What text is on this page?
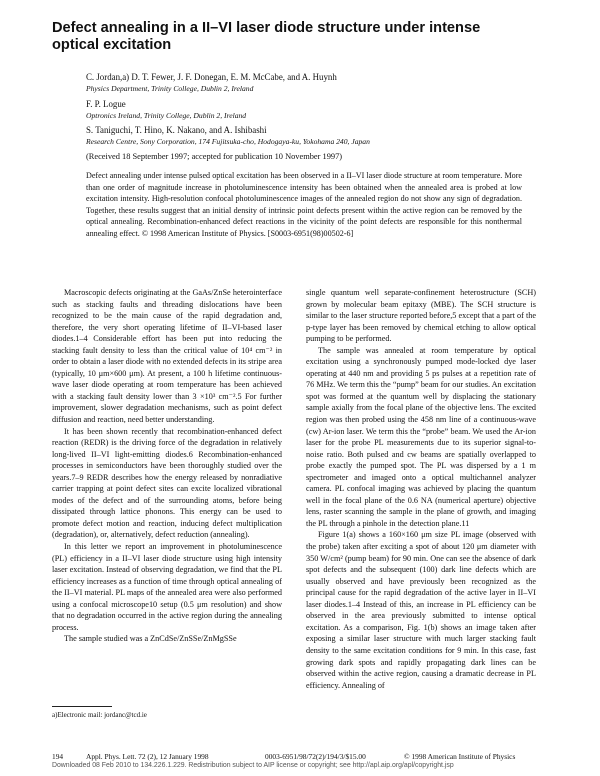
Defect annealing in a II–VI laser diode structure under intense optical excitation
C. Jordan,a) D. T. Fewer, J. F. Donegan, E. M. McCabe, and A. Huynh
Physics Department, Trinity College, Dublin 2, Ireland
F. P. Logue
Optronics Ireland, Trinity College, Dublin 2, Ireland
S. Taniguchi, T. Hino, K. Nakano, and A. Ishibashi
Research Centre, Sony Corporation, 174 Fujitsuka-cho, Hodogaya-ku, Yokohama 240, Japan
(Received 18 September 1997; accepted for publication 10 November 1997)

Defect annealing under intense pulsed optical excitation has been observed in a II–VI laser diode structure at room temperature. More than one order of magnitude increase in photoluminescence intensity has been obtained when the annealed area is probed at low excitation intensity. High-resolution confocal photoluminescence images of the annealed region do not show any sign of degradation. Together, these results suggest that an initial density of intrinsic point defects present within the active region can be removed by the optical annealing. Recombination-enhanced defect reactions in the vicinity of the point defects are responsible for this nonthermal annealing effect. © 1998 American Institute of Physics. [S0003-6951(98)00502-6]

Macroscopic defects originating at the GaAs/ZnSe heterointerface such as stacking faults and threading dislocations have been recognized to be the main cause of the rapid degradation and, therefore, the very short operating lifetime of II–VI-based laser diodes.1–4 Considerable effort has been put into reducing the stacking fault density to less than the critical value of 10⁴ cm⁻² in order to obtain a laser diode with no extended defects in its stripe area (typically, 10 μm×600 μm). At present, a 100 h lifetime continuous-wave laser diode operating at room temperature has been achieved with a stacking fault density lower than 3 ×10³ cm⁻².5 For further improvement, slower degradation mechanisms, such as point defect diffusion and reaction, need better understanding.

It has been shown recently that recombination-enhanced defect reaction (REDR) is the driving force of the degradation in relatively long-lived II–VI light-emitting diodes.6 Recombination-enhanced processes in semiconductors have been thoroughly studied over the years.7–9 REDR describes how the energy released by nonradiative carrier trapping at point defect sites can excite localized vibrational modes of the defect and of the surrounding atoms, before being dissipated through lattice phonons. This energy can be used to promote defect motion and reaction, inducing defect multiplication (degradation), or, alternatively, defect reduction (annealing).

In this letter we report an improvement in photoluminescence (PL) efficiency in a II–VI laser diode structure using high intensity laser excitation. Instead of observing degradation, we find that the PL efficiency increases as a function of time through optical annealing of the II–VI material. PL maps of the annealed area were also performed using a confocal microscope10 setup (0.5 μm resolution) and show that no degradation occurred in the active region during the annealing process.

The sample studied was a ZnCdSe/ZnSSe/ZnMgSSe

single quantum well separate-confinement heterostructure (SCH) grown by molecular beam epitaxy (MBE). The SCH structure is similar to the laser structure reported before,5 except that a part of the p-type layer has been removed by chemical etching to allow optical pumping to be performed.

The sample was annealed at room temperature by optical excitation using a synchronously pumped mode-locked dye laser operating at 440 nm and providing 5 ps pulses at a repetition rate of 76 MHz. We term this the “pump” beam for our studies. An excitation spot was formed at the quantum well by displacing the stationary sample axially from the focal plane of the objective lens. The excited region was then probed using the 458 nm line of a continuous-wave (cw) Ar-ion laser. We term this the “probe” beam. We used the Ar-ion laser for the probe PL measurements due to its superior signal-to-noise ratio. Both pulsed and cw beams are spatially overlapped to probe exactly the pumped spot. The PL was dispersed by a 1 m spectrometer and imaged onto a optical multichannel analyzer camera. PL confocal imaging was achieved by placing the quantum well in the focal plane of the 0.6 NA (numerical aperture) objective lens, raster scanning the sample in the plane of growth, and imaging the PL through a pinhole in the detection plane.11

Figure 1(a) shows a 160×160 μm size PL image (observed with the probe) taken after exciting a spot of about 120 μm diameter with 350 W/cm² (pump beam) for 90 min. One can see the absence of dark spot defects and the subsequent (100) dark line defects which are usually observed and have previously been recognized as the principal cause for the rapid degradation of the active layer in II–VI laser diodes.1–4 Instead of this, an increase in PL efficiency can be observed in the area previously submitted to intense optical excitation. As a comparison, Fig. 1(b) shows an image taken after exposing a similar laser structure with much larger stacking fault density to the same excitation conditions for 9 min. In this case, fast growing dark spots and rapidly propagating dark lines can be observed within the active region, causing a dramatic decrease in PL efficiency. Annealing of

a)Electronic mail: jordanc@tcd.ie
194	Appl. Phys. Lett. 72 (2), 12 January 1998	0003-6951/98/72(2)/194/3/$15.00	© 1998 American Institute of Physics
Downloaded 08 Feb 2010 to 134.226.1.229. Redistribution subject to AIP license or copyright; see http://apl.aip.org/apl/copyright.jsp
